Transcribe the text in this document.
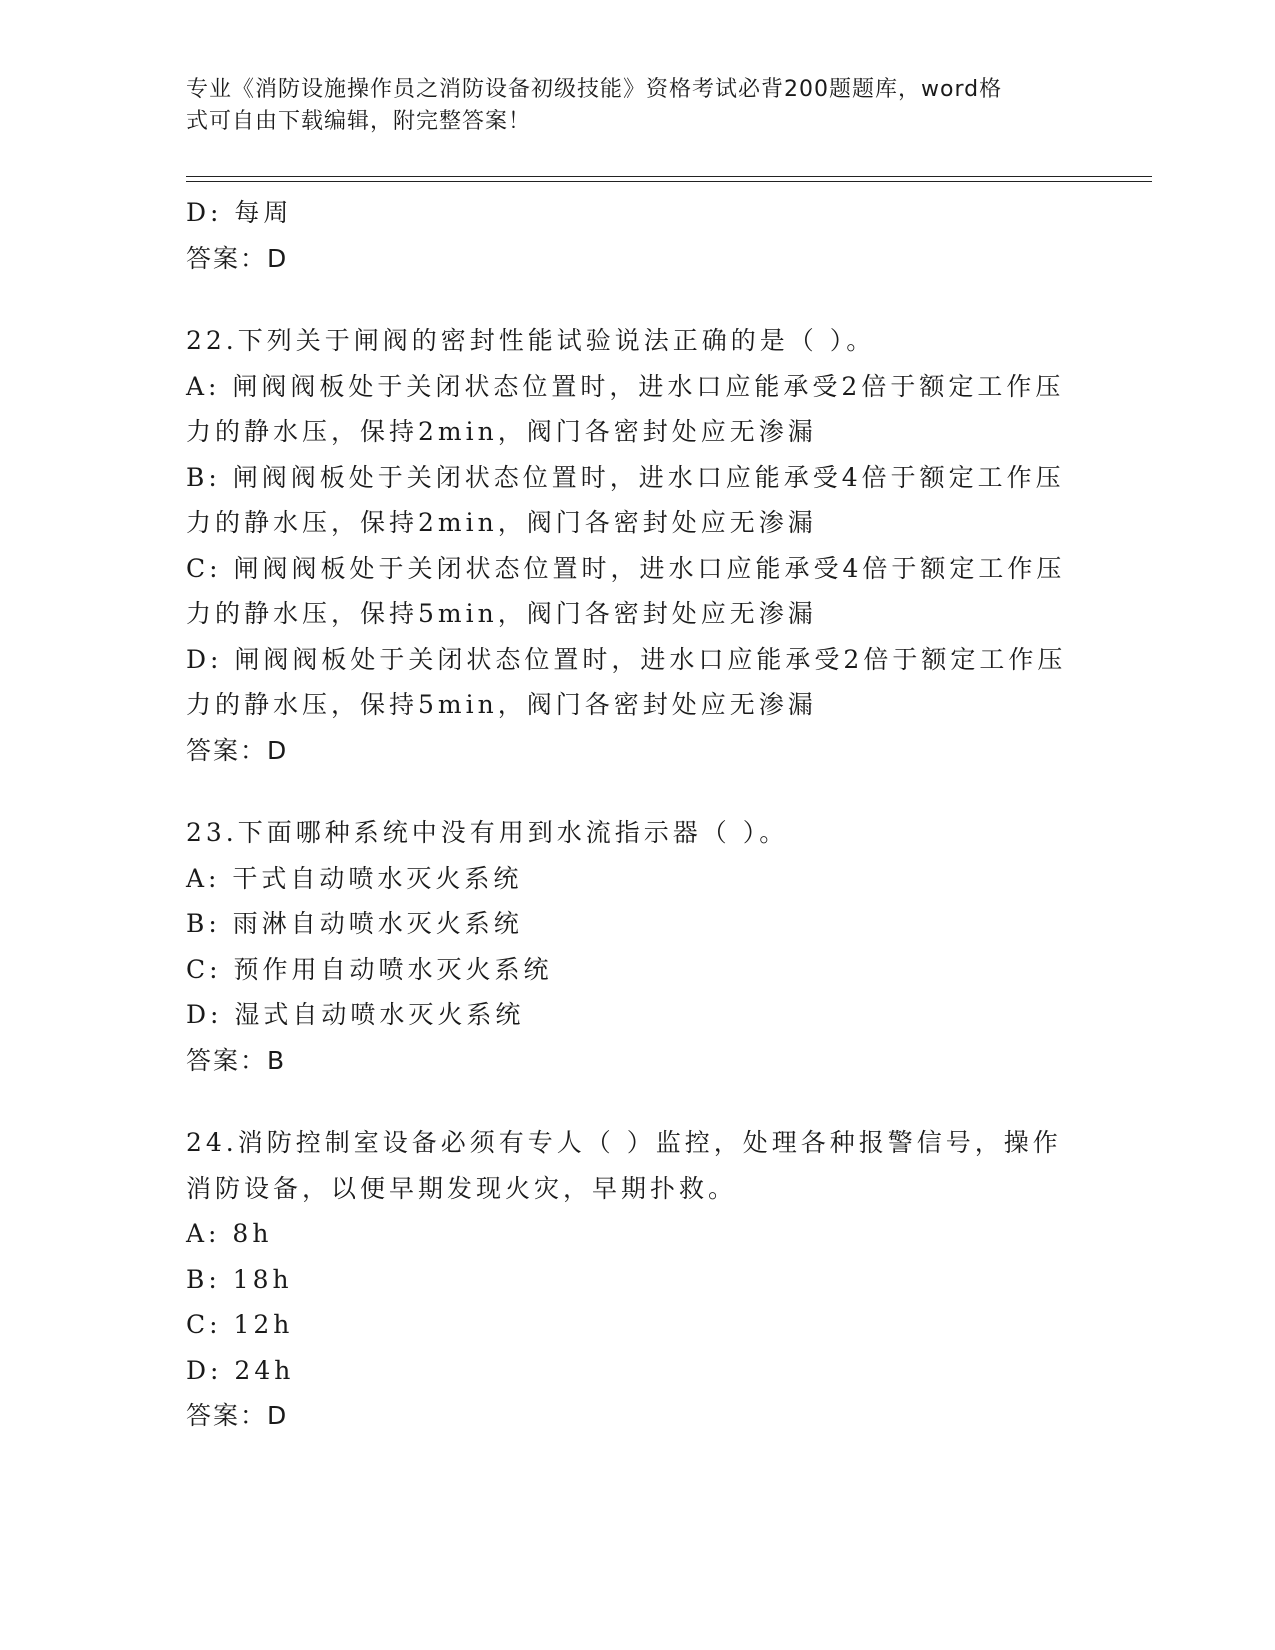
专业《消防设施操作员之消防设备初级技能》资格考试必背200题题库，word格
式可自由下载编辑，附完整答案！

D: 每周

答案：D

22.下列关于闸阀的密封性能试验说法正确的是（ ）。

A: 闸阀阀板处于关闭状态位置时，进水口应能承受2倍于额定工作压

力的静水压，保持2min，阀门各密封处应无渗漏

B: 闸阀阀板处于关闭状态位置时，进水口应能承受4倍于额定工作压

力的静水压，保持2min，阀门各密封处应无渗漏

C: 闸阀阀板处于关闭状态位置时，进水口应能承受4倍于额定工作压

力的静水压，保持5min，阀门各密封处应无渗漏

D: 闸阀阀板处于关闭状态位置时，进水口应能承受2倍于额定工作压

力的静水压，保持5min，阀门各密封处应无渗漏

答案：D

23.下面哪种系统中没有用到水流指示器（ ）。

A: 干式自动喷水灭火系统

B: 雨淋自动喷水灭火系统

C: 预作用自动喷水灭火系统

D: 湿式自动喷水灭火系统

答案：B

24.消防控制室设备必须有专人（ ）监控，处理各种报警信号，操作

消防设备，以便早期发现火灾，早期扑救。

A: 8h

B: 18h

C: 12h

D: 24h

答案：D
